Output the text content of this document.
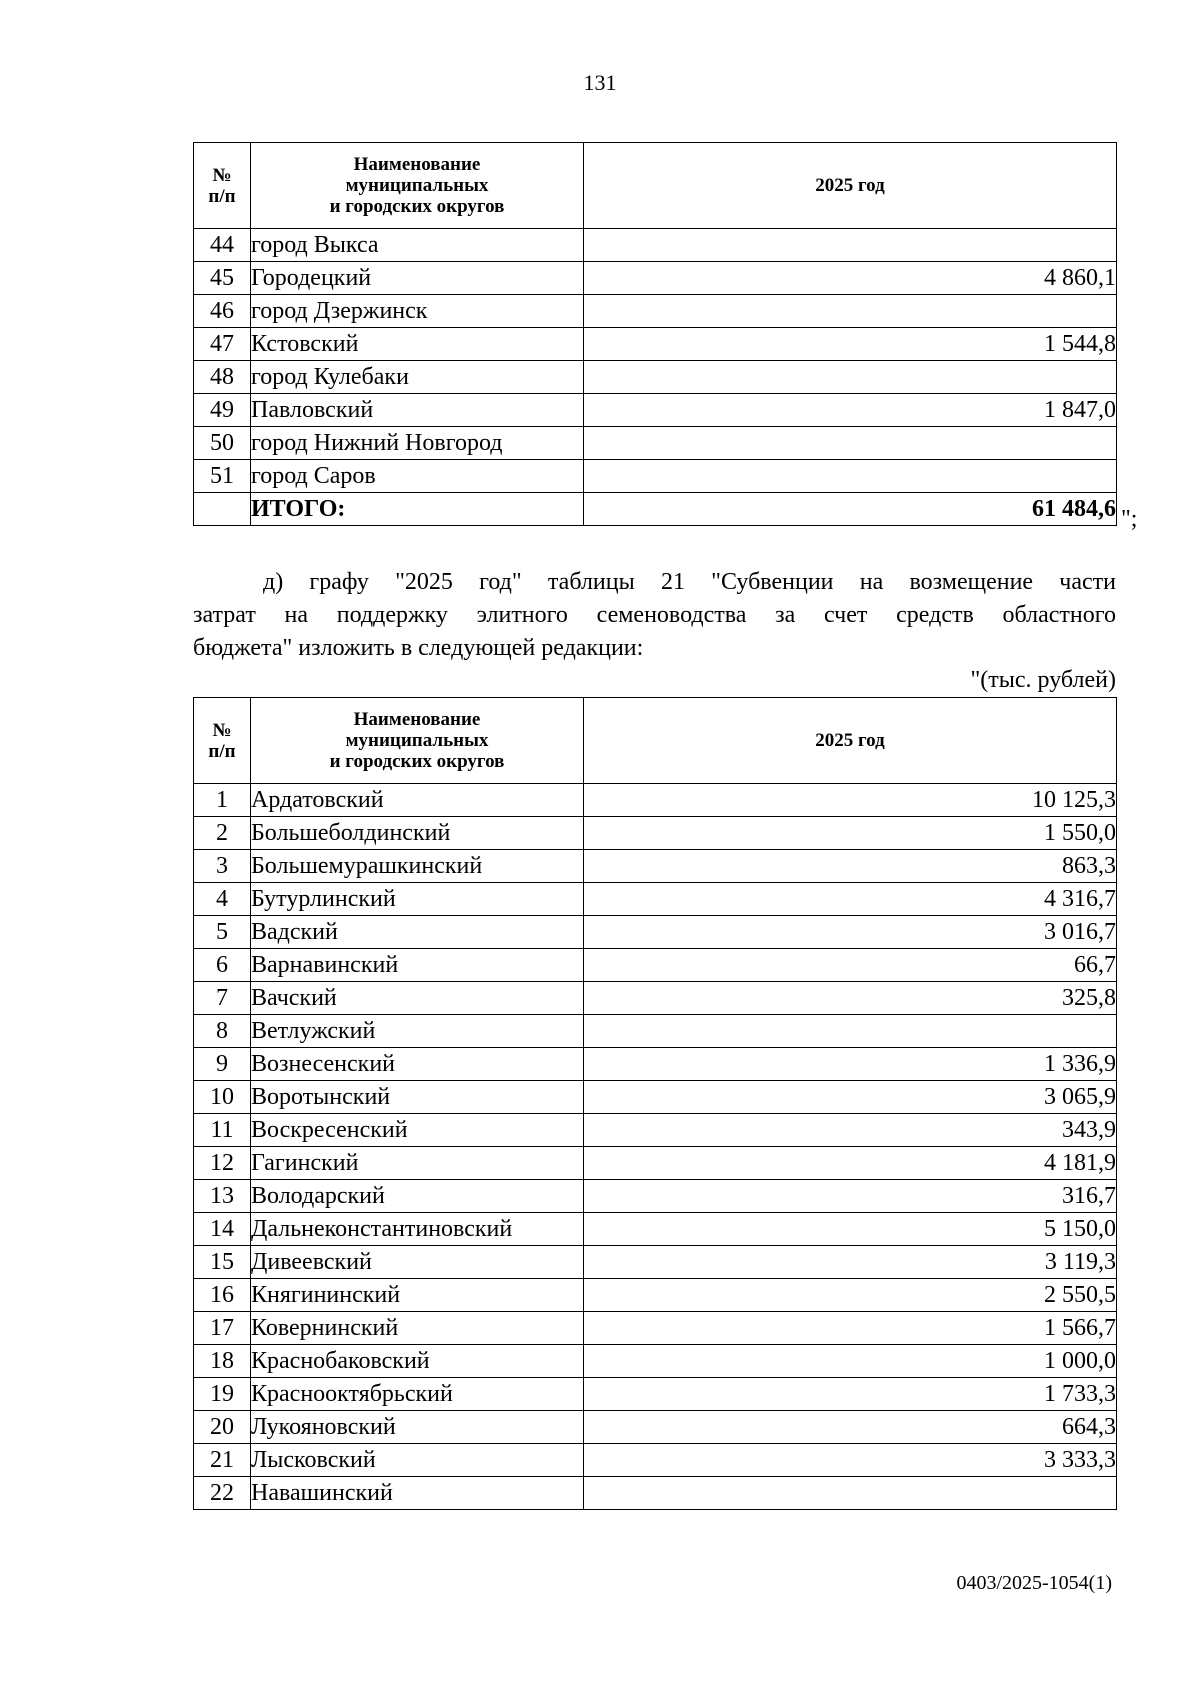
131
№
п/п	Наименование
муниципальных
и городских округов	2025 год
44	город Выкса	
45	Городецкий	4 860,1
46	город Дзержинск	
47	Кстовский	1 544,8
48	город Кулебаки	
49	Павловский	1 847,0
50	город Нижний Новгород	
51	город Саров	
	ИТОГО:	61 484,6 ";

д) графу "2025 год" таблицы 21 "Субвенции на возмещение части

затрат на поддержку элитного семеноводства за счет средств областного

бюджета" изложить в следующей редакции:

"(тыс. рублей)
№
п/п	Наименование
муниципальных
и городских округов	2025 год
1	Ардатовский	10 125,3
2	Большеболдинский	1 550,0
3	Большемурашкинский	863,3
4	Бутурлинский	4 316,7
5	Вадский	3 016,7
6	Варнавинский	66,7
7	Вачский	325,8
8	Ветлужский	
9	Вознесенский	1 336,9
10	Воротынский	3 065,9
11	Воскресенский	343,9
12	Гагинский	4 181,9
13	Володарский	316,7
14	Дальнеконстантиновский	5 150,0
15	Дивеевский	3 119,3
16	Княгининский	2 550,5
17	Ковернинский	1 566,7
18	Краснобаковский	1 000,0
19	Краснооктябрьский	1 733,3
20	Лукояновский	664,3
21	Лысковский	3 333,3
22	Навашинский	
0403/2025-1054(1)
